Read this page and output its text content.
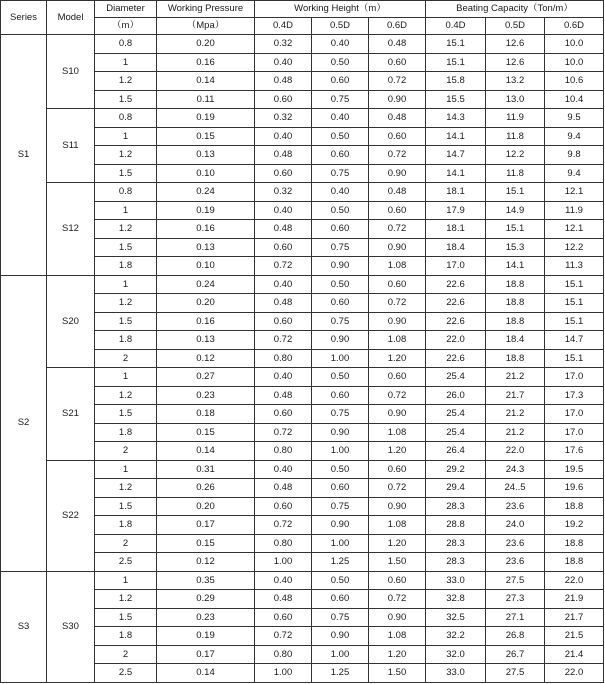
Series	Model	Diameter	Working Pressure	Working Height（m）			Beating Capacity（Ton/m）		
		（m）	（Mpa）	0.4D	0.5D	0.6D	0.4D	0.5D	0.6D
S1	S10	0.8	0.20	0.32	0.40	0.48	15.1	12.6	10.0
		1	0.16	0.40	0.50	0.60	15.1	12.6	10.0
		1.2	0.14	0.48	0.60	0.72	15.8	13.2	10.6
		1.5	0.11	0.60	0.75	0.90	15.5	13.0	10.4
	S11	0.8	0.19	0.32	0.40	0.48	14.3	11.9	9.5
		1	0.15	0.40	0.50	0.60	14.1	11.8	9.4
		1.2	0.13	0.48	0.60	0.72	14.7	12.2	9.8
		1.5	0.10	0.60	0.75	0.90	14.1	11.8	9.4
	S12	0.8	0.24	0.32	0.40	0.48	18.1	15.1	12.1
		1	0.19	0.40	0.50	0.60	17.9	14.9	11.9
		1.2	0.16	0.48	0.60	0.72	18.1	15.1	12.1
		1.5	0.13	0.60	0.75	0.90	18.4	15.3	12.2
		1.8	0.10	0.72	0.90	1.08	17.0	14.1	11.3
S2	S20	1	0.24	0.40	0.50	0.60	22.6	18.8	15.1
		1.2	0.20	0.48	0.60	0.72	22.6	18.8	15.1
		1.5	0.16	0.60	0.75	0.90	22.6	18.8	15.1
		1.8	0.13	0.72	0.90	1.08	22.0	18.4	14.7
		2	0.12	0.80	1.00	1.20	22.6	18.8	15.1
	S21	1	0.27	0.40	0.50	0.60	25.4	21.2	17.0
		1.2	0.23	0.48	0.60	0.72	26.0	21.7	17.3
		1.5	0.18	0.60	0.75	0.90	25.4	21.2	17.0
		1.8	0.15	0.72	0.90	1.08	25.4	21.2	17.0
		2	0.14	0.80	1.00	1.20	26.4	22.0	17.6
	S22	1	0.31	0.40	0.50	0.60	29.2	24.3	19.5
		1.2	0.26	0.48	0.60	0.72	29.4	24..5	19.6
		1.5	0.20	0.60	0.75	0.90	28.3	23.6	18.8
		1.8	0.17	0.72	0.90	1.08	28.8	24.0	19.2
		2	0.15	0.80	1.00	1.20	28.3	23.6	18.8
		2.5	0.12	1.00	1.25	1.50	28.3	23.6	18.8
S3	S30	1	0.35	0.40	0.50	0.60	33.0	27.5	22.0
		1.2	0.29	0.48	0.60	0.72	32.8	27.3	21.9
		1.5	0.23	0.60	0.75	0.90	32.5	27.1	21.7
		1.8	0.19	0.72	0.90	1.08	32.2	26.8	21.5
		2	0.17	0.80	1.00	1.20	32.0	26.7	21.4
		2.5	0.14	1.00	1.25	1.50	33.0	27.5	22.0
